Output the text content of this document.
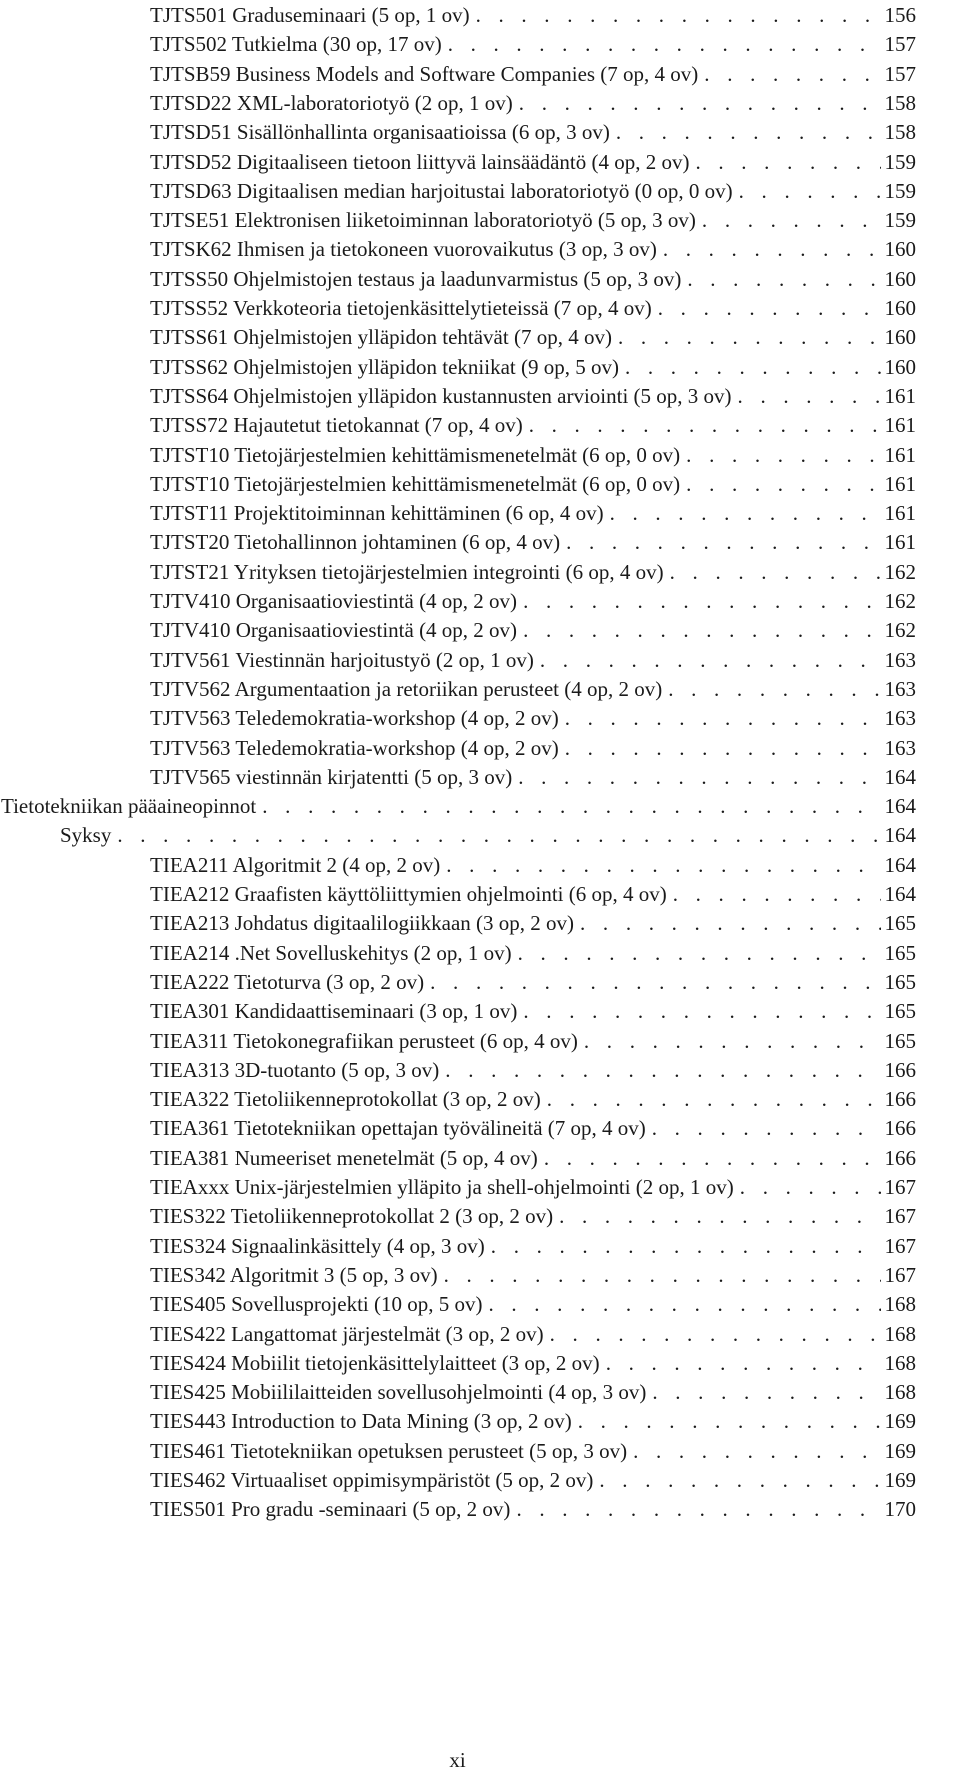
TJTS501 Graduseminaari (5 op, 1 ov) . . .	156
TJTS502 Tutkielma (30 op, 17 ov) . . .	157
TJTSB59 Business Models and Software Companies (7 op, 4 ov) . . .	157
TJTSD22 XML-laboratoriotyö (2 op, 1 ov) . . .	158
TJTSD51 Sisällönhallinta organisaatioissa (6 op, 3 ov) . . .	158
TJTSD52 Digitaaliseen tietoon liittyvä lainsäädäntö (4 op, 2 ov) . . .	159
TJTSD63 Digitaalisen median harjoitustai laboratoriotyö (0 op, 0 ov) . . .	159
TJTSE51 Elektronisen liiketoiminnan laboratoriotyö (5 op, 3 ov) . . .	159
TJTSK62 Ihmisen ja tietokoneen vuorovaikutus (3 op, 3 ov) . . .	160
TJTSS50 Ohjelmistojen testaus ja laadunvarmistus (5 op, 3 ov) . . .	160
TJTSS52 Verkkoteoria tietojenkäsittelytieteissä (7 op, 4 ov) . . .	160
TJTSS61 Ohjelmistojen ylläpidon tehtävät (7 op, 4 ov) . . .	160
TJTSS62 Ohjelmistojen ylläpidon tekniikat (9 op, 5 ov) . . .	160
TJTSS64 Ohjelmistojen ylläpidon kustannusten arviointi (5 op, 3 ov) . . .	161
TJTSS72 Hajautetut tietokannat (7 op, 4 ov) . . .	161
TJTST10 Tietojärjestelmien kehittämismenetelmät (6 op, 0 ov) . . .	161
TJTST10 Tietojärjestelmien kehittämismenetelmät (6 op, 0 ov) . . .	161
TJTST11 Projektitoiminnan kehittäminen (6 op, 4 ov) . . .	161
TJTST20 Tietohallinnon johtaminen (6 op, 4 ov) . . .	161
TJTST21 Yrityksen tietojärjestelmien integrointi (6 op, 4 ov) . . .	162
TJTV410 Organisaatioviestintä (4 op, 2 ov) . . .	162
TJTV410 Organisaatioviestintä (4 op, 2 ov) . . .	162
TJTV561 Viestinnän harjoitustyö (2 op, 1 ov) . . .	163
TJTV562 Argumentaation ja retoriikan perusteet (4 op, 2 ov) . . .	163
TJTV563 Teledemokratia-workshop (4 op, 2 ov) . . .	163
TJTV563 Teledemokratia-workshop (4 op, 2 ov) . . .	163
TJTV565 viestinnän kirjatentti (5 op, 3 ov) . . .	164
Tietotekniikan pääaineopinnot . . .	164
Syksy . . .	164
TIEA211 Algoritmit 2 (4 op, 2 ov) . . .	164
TIEA212 Graafisten käyttöliittymien ohjelmointi (6 op, 4 ov) . . .	164
TIEA213 Johdatus digitaalilogiikkaan (3 op, 2 ov) . . .	165
TIEA214 .Net Sovelluskehitys (2 op, 1 ov) . . .	165
TIEA222 Tietoturva (3 op, 2 ov) . . .	165
TIEA301 Kandidaattiseminaari (3 op, 1 ov) . . .	165
TIEA311 Tietokonegrafiikan perusteet (6 op, 4 ov) . . .	165
TIEA313 3D-tuotanto (5 op, 3 ov) . . .	166
TIEA322 Tietoliikenneprotokollat (3 op, 2 ov) . . .	166
TIEA361 Tietotekniikan opettajan työvälineitä (7 op, 4 ov) . . .	166
TIEA381 Numeeriset menetelmät (5 op, 4 ov) . . .	166
TIEAxxx Unix-järjestelmien ylläpito ja shell-ohjelmointi (2 op, 1 ov) . . .	167
TIES322 Tietoliikenneprotokollat 2 (3 op, 2 ov) . . .	167
TIES324 Signaalinkäsittely (4 op, 3 ov) . . .	167
TIES342 Algoritmit 3 (5 op, 3 ov) . . .	167
TIES405 Sovellusprojekti (10 op, 5 ov) . . .	168
TIES422 Langattomat järjestelmät (3 op, 2 ov) . . .	168
TIES424 Mobiilit tietojenkäsittelylaitteet (3 op, 2 ov) . . .	168
TIES425 Mobiililaitteiden sovellusohjelmointi (4 op, 3 ov) . . .	168
TIES443 Introduction to Data Mining (3 op, 2 ov) . . .	169
TIES461 Tietotekniikan opetuksen perusteet (5 op, 3 ov) . . .	169
TIES462 Virtuaaliset oppimisympäristöt (5 op, 2 ov) . . .	169
TIES501 Pro gradu -seminaari (5 op, 2 ov) . . .	170
xi
